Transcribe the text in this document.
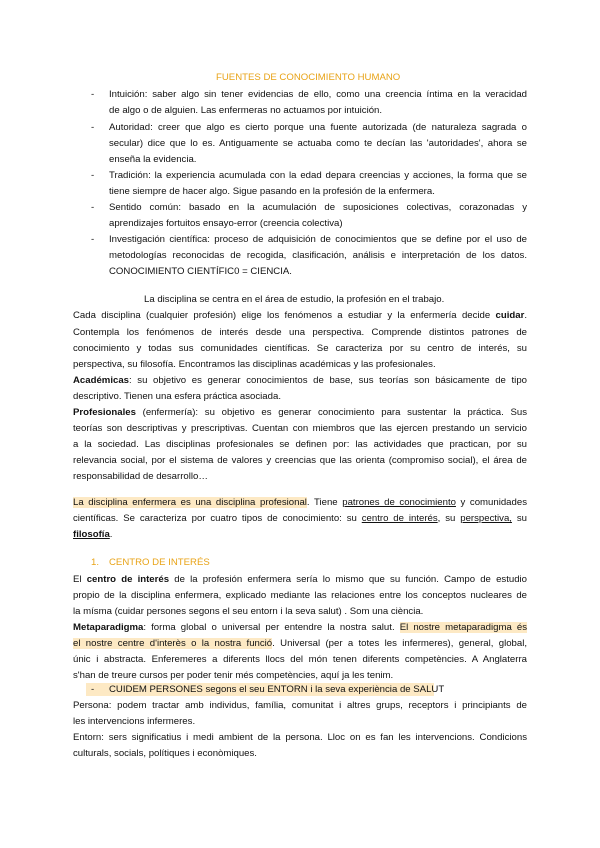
FUENTES DE CONOCIMIENTO HUMANO
- Intuición: saber algo sin tener evidencias de ello, como una creencia íntima en la veracidad
de algo o de alguien. Las enfermeras no actuamos por intuición.
- Autoridad: creer que algo es cierto porque una fuente autorizada (de naturaleza sagrada o
secular) dice que lo es. Antiguamente se actuaba como te decían las 'autoridades', ahora se
enseña la evidencia.
- Tradición: la experiencia acumulada con la edad depara creencias y acciones, la forma que se
tiene siempre de hacer algo. Sigue pasando en la profesión de la enfermera.
- Sentido común: basado en la acumulación de suposiciones colectivas, corazonadas y
aprendizajes fortuitos ensayo-error (creencia colectiva)
- Investigación científica: proceso de adquisición de conocimientos que se define por el uso de
metodologías reconocidas de recogida, clasificación, análisis e interpretación de los datos.
CONOCIMIENTO CIENTÍFIC0 = CIENCIA.
La disciplina se centra en el área de estudio, la profesión en el trabajo.
Cada disciplina (cualquier profesión) elige los fenómenos a estudiar y la enfermería decide cuidar.
Contempla los fenómenos de interés desde una perspectiva. Comprende distintos patrones de
conocimiento y todas sus comunidades científicas. Se caracteriza por su centro de interés, su
perspectiva, su filosofía. Encontramos las disciplinas académicas y las profesionales.
Académicas: su objetivo es generar conocimientos de base, sus teorías son básicamente de tipo
descriptivo. Tienen una esfera práctica asociada.
Profesionales (enfermería): su objetivo es generar conocimiento para sustentar la práctica. Sus
teorías son descriptivas y prescriptivas. Cuentan con miembros que las ejercen prestando un servicio
a la sociedad. Las disciplinas profesionales se definen por: las actividades que practican, por su
relevancia social, por el sistema de valores y creencias que las orienta (compromiso social), el área de
responsabilidad de desarrollo…
La disciplina enfermera es una disciplina profesional. Tiene patrones de conocimiento y comunidades
científicas. Se caracteriza por cuatro tipos de conocimiento: su centro de interés, su perspectiva, su
filosofía.
1. CENTRO DE INTERÉS
El centro de interés de la profesión enfermera sería lo mismo que su función. Campo de estudio
propio de la disciplina enfermera, explicado mediante las relaciones entre los conceptos nucleares de
la mísma (cuidar persones segons el seu entorn i la seva salut) . Som una ciència.
Metaparadigma: forma global o universal per entendre la nostra salut. El nostre metaparadigma és
el nostre centre d'interès o la nostra funció. Universal (per a totes les infermeres), general, global,
únic i abstracta. Enferemeres a diferents llocs del món tenen diferents competències. A Anglaterra
s'han de treure cursos per poder tenir més competències, aquí ja les tenim.
- CUIDEM PERSONES segons el seu ENTORN i la seva experiència de SALUT
Persona: podem tractar amb individus, família, comunitat i altres grups, receptors i principiants de
les intervencions infermeres.
Entorn: sers significatius i medi ambient de la persona. Lloc on es fan les intervencions. Condicions
culturals, socials, polítiques i econòmiques.
